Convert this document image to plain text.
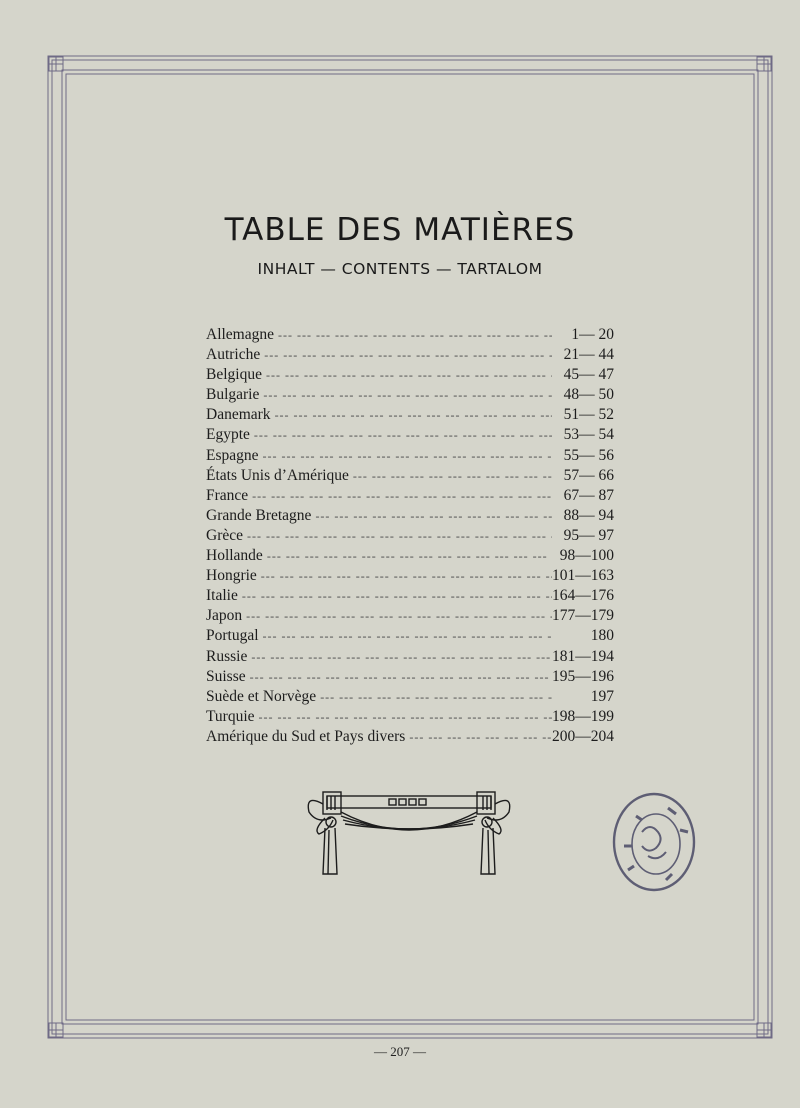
TABLE DES MATIÈRES
INHALT — CONTENTS — TARTALOM
Allemagne --- -	1— 20
Autriche --- -	21— 44
Belgique --- -	45— 47
Bulgarie --- -	48— 50
Danemark --- -	51— 52
Egypte --- -	53— 54
Espagne --- -	55— 56
États Unis d’Amérique --- -	57— 66
France --- -	67— 87
Grande Bretagne --- -	88— 94
Grèce --- -	95— 97
Hollande --- -	98—100
Hongrie --- -	101—163
Italie --- -	164—176
Japon --- -	177—179
Portugal --- -	180
Russie --- -	181—194
Suisse --- -	195—196
Suède et Norvège --- -	197
Turquie --- -	198—199
Amérique du Sud et Pays divers --- -	200—204
— 207 —
